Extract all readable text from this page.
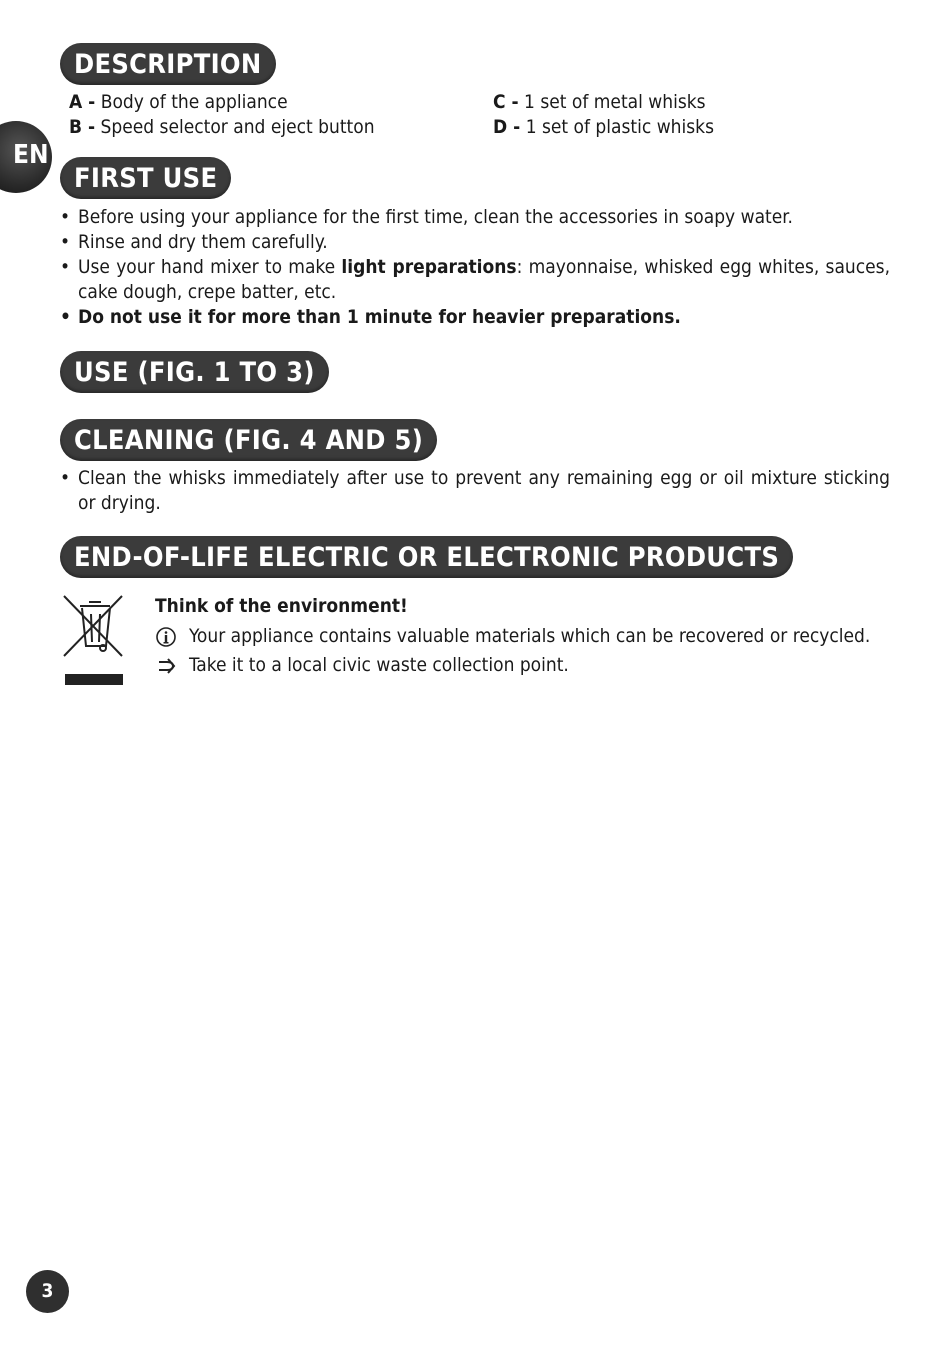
EN
DESCRIPTION
A - Body of the appliance
B - Speed selector and eject button
C - 1 set of metal whisks
D - 1 set of plastic whisks
FIRST USE
• Before using your appliance for the first time, clean the accessories in soapy water.
• Rinse and dry them carefully.
• Use your hand mixer to make light preparations: mayonnaise, whisked egg whites, sauces, cake dough, crepe batter, etc.
• Do not use it for more than 1 minute for heavier preparations.
USE (FIG. 1 TO 3)
CLEANING (FIG. 4 AND 5)
• Clean the whisks immediately after use to prevent any remaining egg or oil mixture sticking or drying.
END-OF-LIFE ELECTRIC OR ELECTRONIC PRODUCTS
Think of the environment!
Your appliance contains valuable materials which can be recovered or recycled.
Take it to a local civic waste collection point.
3
